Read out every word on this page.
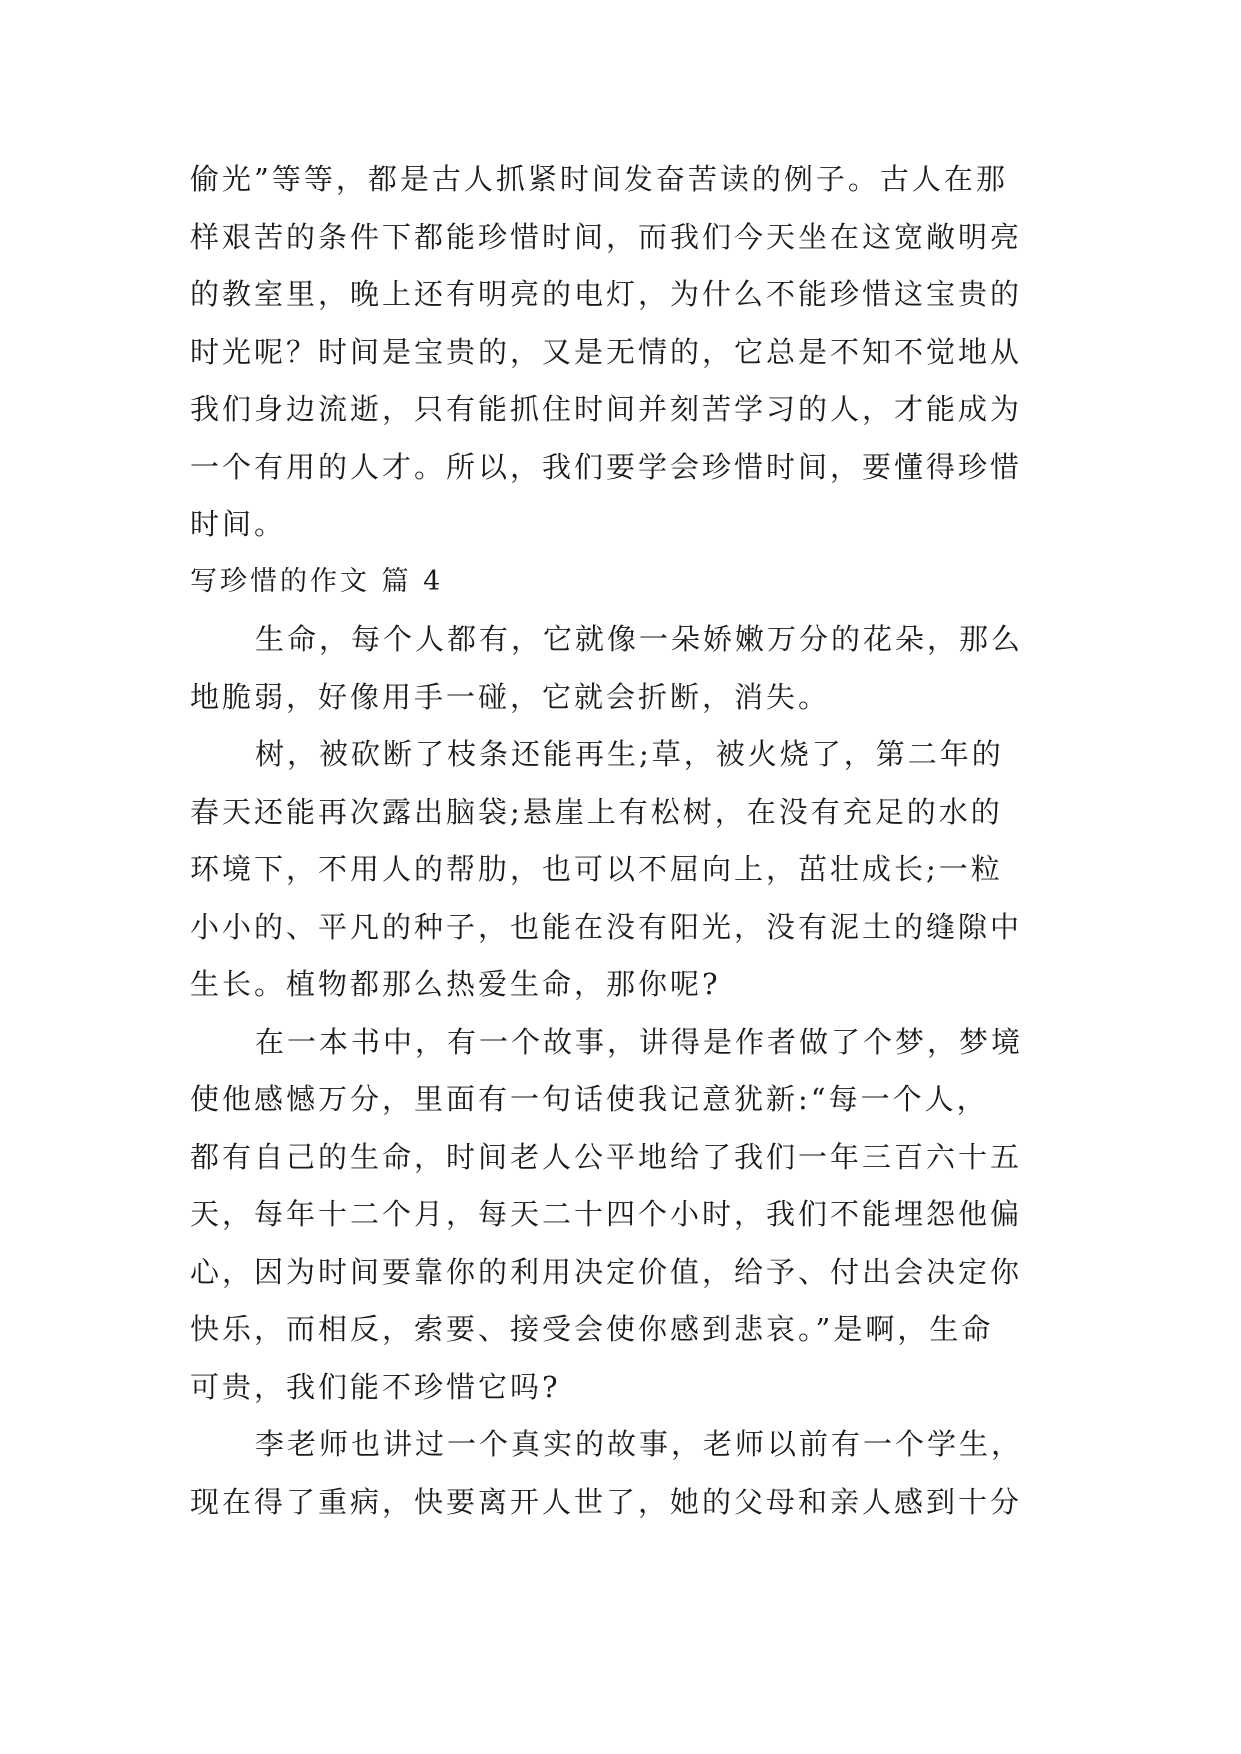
偷光”等等，都是古人抓紧时间发奋苦读的例子。古人在那
样艰苦的条件下都能珍惜时间，而我们今天坐在这宽敞明亮
的教室里，晚上还有明亮的电灯，为什么不能珍惜这宝贵的
时光呢？时间是宝贵的，又是无情的，它总是不知不觉地从
我们身边流逝，只有能抓住时间并刻苦学习的人，才能成为
一个有用的人才。所以，我们要学会珍惜时间，要懂得珍惜
时间。
写珍惜的作文 篇 4
生命，每个人都有，它就像一朵娇嫩万分的花朵，那么
地脆弱，好像用手一碰，它就会折断，消失。
树，被砍断了枝条还能再生;草，被火烧了，第二年的
春天还能再次露出脑袋;悬崖上有松树，在没有充足的水的
环境下，不用人的帮肋，也可以不屈向上，茁壮成长;一粒
小小的、平凡的种子，也能在没有阳光，没有泥土的缝隙中
生长。植物都那么热爱生命，那你呢?
在一本书中，有一个故事，讲得是作者做了个梦，梦境
使他感憾万分，里面有一句话使我记意犹新:“每一个人，
都有自己的生命，时间老人公平地给了我们一年三百六十五
天，每年十二个月，每天二十四个小时，我们不能埋怨他偏
心，因为时间要靠你的利用决定价值，给予、付出会决定你
快乐，而相反，索要、接受会使你感到悲哀。”是啊，生命
可贵，我们能不珍惜它吗?
李老师也讲过一个真实的故事，老师以前有一个学生，
现在得了重病，快要离开人世了，她的父母和亲人感到十分
